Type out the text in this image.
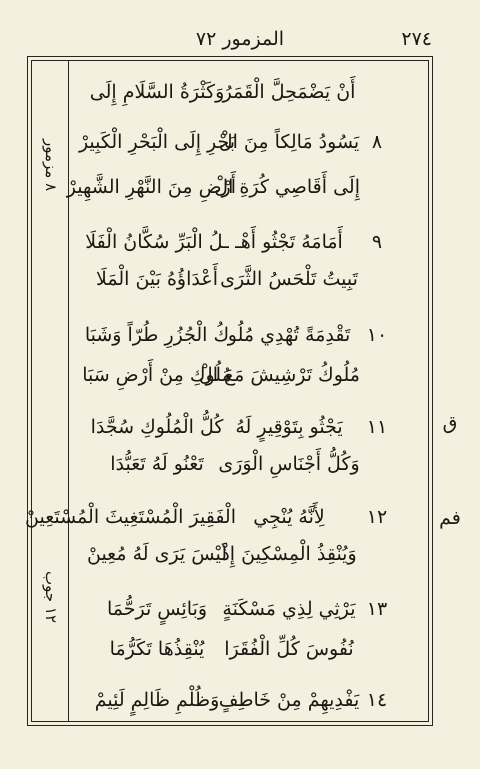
٢٧٤
المزمور ٧٢
٨ مزمور
١٢ جوب
ق
فم
أَنْ يَضْمَحِلَّ الْقَمَرُ
وَكَثْرَةُ السَّلَامِ إِلَى
٨
يَسُودُ مَالِكاً مِنَ الْ
بَحْرِ إِلَى الْبَحْرِ الْكَبِيرْ
إِلَى أَقَاصِي كُرَةِ الْ
أَرْضِ مِنَ النَّهْرِ الشَّهِيرْ
٩
أَمَامَهُ تَجْثُو أَهْـ
ـلُ الْبَرِّ سُكَّانُ الْفَلَا
تَبِيتُ تَلْحَسُ الثَّرَى
أَعْدَاؤُهُ بَيْنَ الْمَلَا
١٠
تَقْدِمَةً تُهْدِي مُلُو
كُ الْجُزُرِ طُرّاً وَشَبَا
مُلُوكُ تَرْشِيشَ مَعَ الْ
مُلُوكِ مِنْ أَرْضِ سَبَا
١١
يَجْثُو بِتَوْقِيرٍ لَهُ
كُلُّ الْمُلُوكِ سُجَّدَا
وَكُلُّ أَجْنَاسِ الْوَرَى
تَعْنُو لَهُ تَعَبُّدَا
١٢
لِأَنَّهُ يُنْجِي
الْفَقِيرَ الْمُسْتَغِيثَ الْمُسْتَعِينْ
وَيُنْقِذُ الْمِسْكِينَ إِذْ
لَيْسَ يَرَى لَهُ مُعِينْ
١٣
يَرْثِي لِذِي مَسْكَنَةٍ
وَبَائِسٍ تَرَحُّمَا
نُفُوسَ كُلِّ الْفُقَرَا
يُنْقِذُهَا تَكَرُّمَا
١٤
يَفْدِيهِمْ مِنْ خَاطِفٍ
وَظُلْمِ ظَالِمٍ لَئِيمْ
